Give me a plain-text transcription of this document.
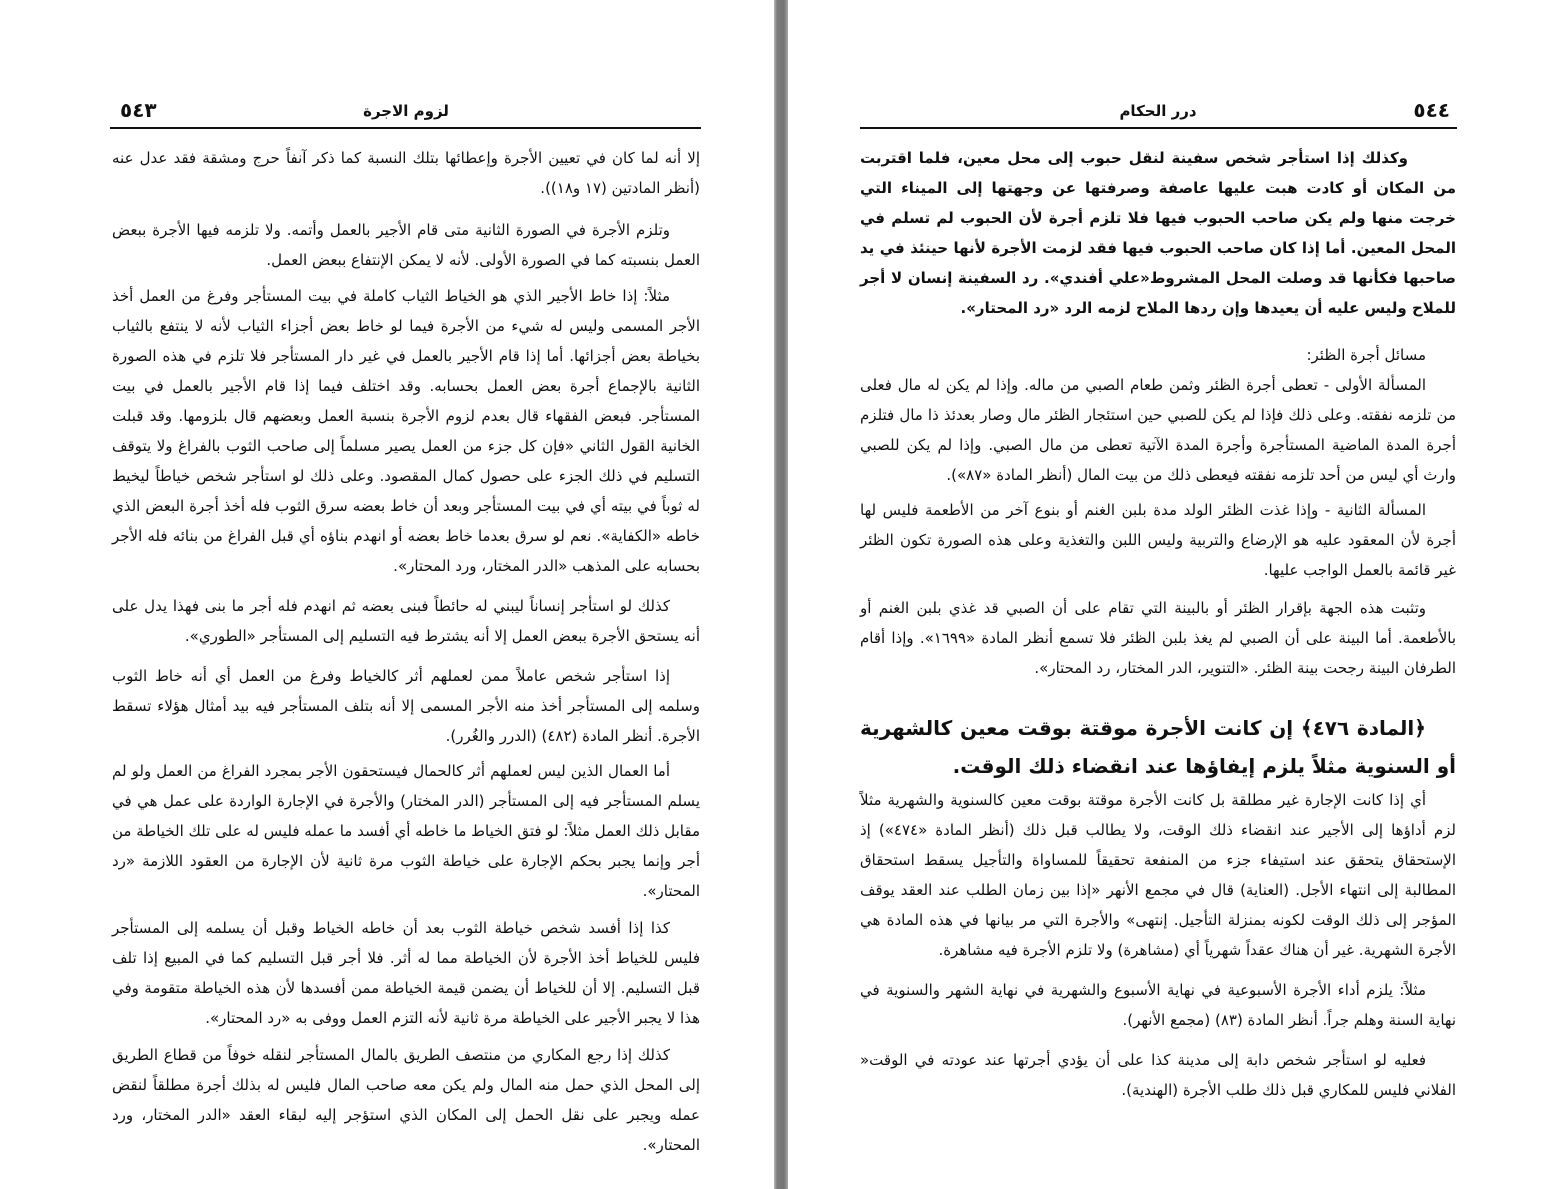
٥٤٣	لزوم الاجرة

إلا أنه لما كان في تعيين الأجرة وإعطائها بتلك النسبة كما ذكر آنفاً حرج ومشقة فقد عدل عنه (أنظر المادتين (١٧ و١٨)).

وتلزم الأجرة في الصورة الثانية متى قام الأجير بالعمل وأتمه. ولا تلزمه فيها الأجرة ببعض العمل بنسبته كما في الصورة الأولى. لأنه لا يمكن الإنتفاع ببعض العمل.

مثلاً: إذا خاط الأجير الذي هو الخياط الثياب كاملة في بيت المستأجر وفرغ من العمل أخذ الأجر المسمى وليس له شيء من الأجرة فيما لو خاط بعض أجزاء الثياب لأنه لا ينتفع بالثياب بخياطة بعض أجزائها. أما إذا قام الأجير بالعمل في غير دار المستأجر فلا تلزم في هذه الصورة الثانية بالإجماع أجرة بعض العمل بحسابه. وقد اختلف فيما إذا قام الأجير بالعمل في بيت المستأجر. فبعض الفقهاء قال بعدم لزوم الأجرة بنسبة العمل وبعضهم قال بلزومها. وقد قبلت الخانية القول الثاني «فإن كل جزء من العمل يصير مسلماً إلى صاحب الثوب بالفراغ ولا يتوقف التسليم في ذلك الجزء على حصول كمال المقصود. وعلى ذلك لو استأجر شخص خياطاً ليخيط له ثوباً في بيته أي في بيت المستأجر وبعد أن خاط بعضه سرق الثوب فله أخذ أجرة البعض الذي خاطه «الكفاية». نعم لو سرق بعدما خاط بعضه أو انهدم بناؤه أي قبل الفراغ من بنائه فله الأجر بحسابه على المذهب «الدر المختار، ورد المحتار».

كذلك لو استأجر إنساناً ليبني له حائطاً فبنى بعضه ثم انهدم فله أجر ما بنى فهذا يدل على أنه يستحق الأجرة ببعض العمل إلا أنه يشترط فيه التسليم إلى المستأجر «الطوري».

إذا استأجر شخص عاملاً ممن لعملهم أثر كالخياط وفرغ من العمل أي أنه خاط الثوب وسلمه إلى المستأجر أخذ منه الأجر المسمى إلا أنه بتلف المستأجر فيه بيد أمثال هؤلاء تسقط الأجرة. أنظر المادة (٤٨٢) (الدرر والغُرر).

أما العمال الذين ليس لعملهم أثر كالحمال فيستحقون الأجر بمجرد الفراغ من العمل ولو لم يسلم المستأجر فيه إلى المستأجر (الدر المختار) والأجرة في الإجارة الواردة على عمل هي في مقابل ذلك العمل مثلاً: لو فتق الخياط ما خاطه أي أفسد ما عمله فليس له على تلك الخياطة من أجر وإنما يجبر بحكم الإجارة على خياطة الثوب مرة ثانية لأن الإجارة من العقود اللازمة «رد المحتار».

كذا إذا أفسد شخص خياطة الثوب بعد أن خاطه الخياط وقبل أن يسلمه إلى المستأجر فليس للخياط أخذ الأجرة لأن الخياطة مما له أثر. فلا أجر قبل التسليم كما في المبيع إذا تلف قبل التسليم. إلا أن للخياط أن يضمن قيمة الخياطة ممن أفسدها لأن هذه الخياطة متقومة وفي هذا لا يجبر الأجير على الخياطة مرة ثانية لأنه التزم العمل ووفى به «رد المحتار».

كذلك إذا رجع المكاري من منتصف الطريق بالمال المستأجر لنقله خوفاً من قطاع الطريق إلى المحل الذي حمل منه المال ولم يكن معه صاحب المال فليس له بذلك أجرة مطلقاً لنقض عمله ويجبر على نقل الحمل إلى المكان الذي استؤجر إليه لبقاء العقد «الدر المختار، ورد المحتار».

درر الحكام	٥٤٤

وكذلك إذا استأجر شخص سفينة لنقل حبوب إلى محل معين، فلما اقتربت من المكان أو كادت هبت عليها عاصفة وصرفتها عن وجهتها إلى الميناء التي خرجت منها ولم يكن صاحب الحبوب فيها فلا تلزم أجرة لأن الحبوب لم تسلم في المحل المعين. أما إذا كان صاحب الحبوب فيها فقد لزمت الأجرة لأنها حينئذ في يد صاحبها فكأنها قد وصلت المحل المشروط«علي أفندي». رد السفينة إنسان لا أجر للملاح وليس عليه أن يعيدها وإن ردها الملاح لزمه الرد «رد المحتار».

مسائل أجرة الظئر:

المسألة الأولى - تعطى أجرة الظئر وثمن طعام الصبي من ماله. وإذا لم يكن له مال فعلى من تلزمه نفقته. وعلى ذلك فإذا لم يكن للصبي حين استئجار الظئر مال وصار بعدئذ ذا مال فتلزم أجرة المدة الماضية المستأجرة وأجرة المدة الآتية تعطى من مال الصبي. وإذا لم يكن للصبي وارث أي ليس من أحد تلزمه نفقته فيعطى ذلك من بيت المال (أنظر المادة «٨٧»).

المسألة الثانية - وإذا غذت الظئر الولد مدة بلبن الغنم أو بنوع آخر من الأطعمة فليس لها أجرة لأن المعقود عليه هو الإرضاع والتربية وليس اللبن والتغذية وعلى هذه الصورة تكون الظئر غير قائمة بالعمل الواجب عليها.

وتثبت هذه الجهة بإقرار الظئر أو بالبينة التي تقام على أن الصبي قد غذي بلبن الغنم أو بالأطعمة. أما البينة على أن الصبي لم يغذ بلبن الظئر فلا تسمع أنظر المادة «١٦٩٩». وإذا أقام الطرفان البينة رجحت بينة الظئر. «التنوير، الدر المختار، رد المحتار».

﴿المادة ٤٧٦﴾ إن كانت الأجرة موقتة بوقت معين كالشهرية أو السنوية مثلاً يلزم إيفاؤها عند انقضاء ذلك الوقت.

أي إذا كانت الإجارة غير مطلقة بل كانت الأجرة موقتة بوقت معين كالسنوية والشهرية مثلاً لزم أداؤها إلى الأجير عند انقضاء ذلك الوقت، ولا يطالب قبل ذلك (أنظر المادة «٤٧٤») إذ الإستحقاق يتحقق عند استيفاء جزء من المنفعة تحقيقاً للمساواة والتأجيل يسقط استحقاق المطالبة إلى انتهاء الأجل. (العناية) قال في مجمع الأنهر «إذا بين زمان الطلب عند العقد يوقف المؤجر إلى ذلك الوقت لكونه بمنزلة التأجيل. إنتهى» والأجرة التي مر بيانها في هذه المادة هي الأجرة الشهرية. غير أن هناك عقداً شهرياً أي (مشاهرة) ولا تلزم الأجرة فيه مشاهرة.

مثلاً: يلزم أداء الأجرة الأسبوعية في نهاية الأسبوع والشهرية في نهاية الشهر والسنوية في نهاية السنة وهلم جراً. أنظر المادة (٨٣) (مجمع الأنهر).

فعليه لو استأجر شخص دابة إلى مدينة كذا على أن يؤدي أجرتها عند عودته في الوقت« الفلاني فليس للمكاري قبل ذلك طلب الأجرة (الهندية).
